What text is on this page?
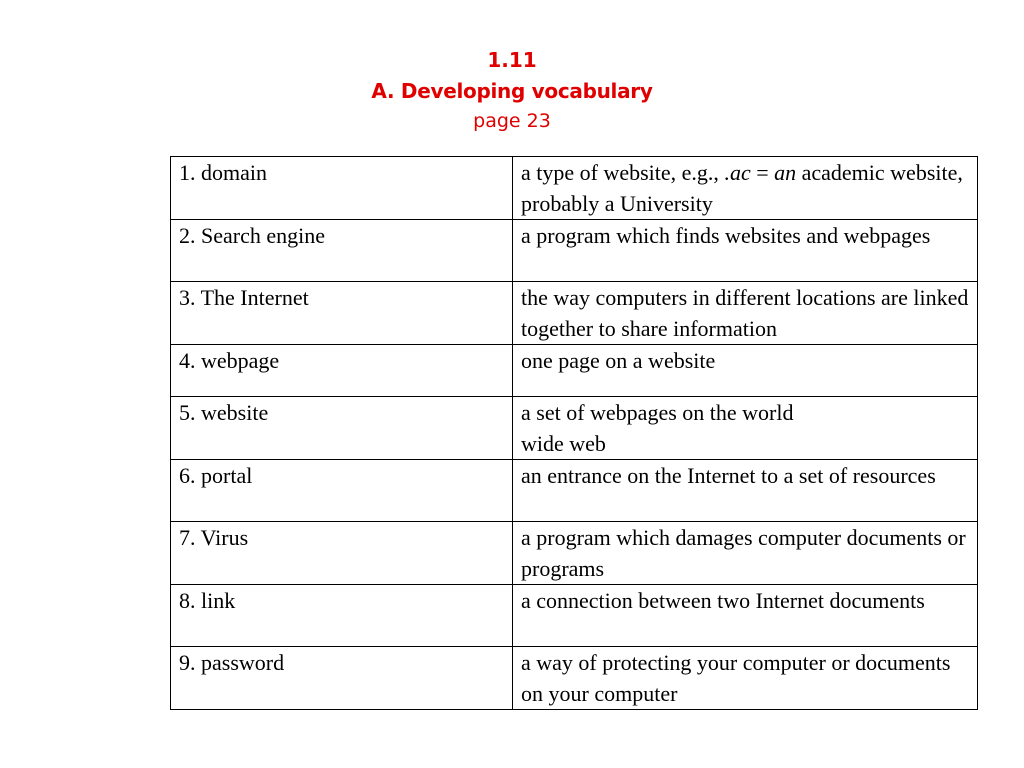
1.11
A. Developing vocabulary
page 23
1. domain	a type of website, e.g., .ac = an academic website, probably a University
2. Search engine	a program which finds websites and webpages
3. The Internet	the way computers in different locations are linked together to share information
4. webpage	one page on a website
5. website	a set of webpages on the world
wide web

6. portal	an entrance on the Internet to a set of resources
7. Virus	a program which damages computer documents or programs
8. link	a connection between two Internet documents
9. password	a way of protecting your computer or documents on your computer
